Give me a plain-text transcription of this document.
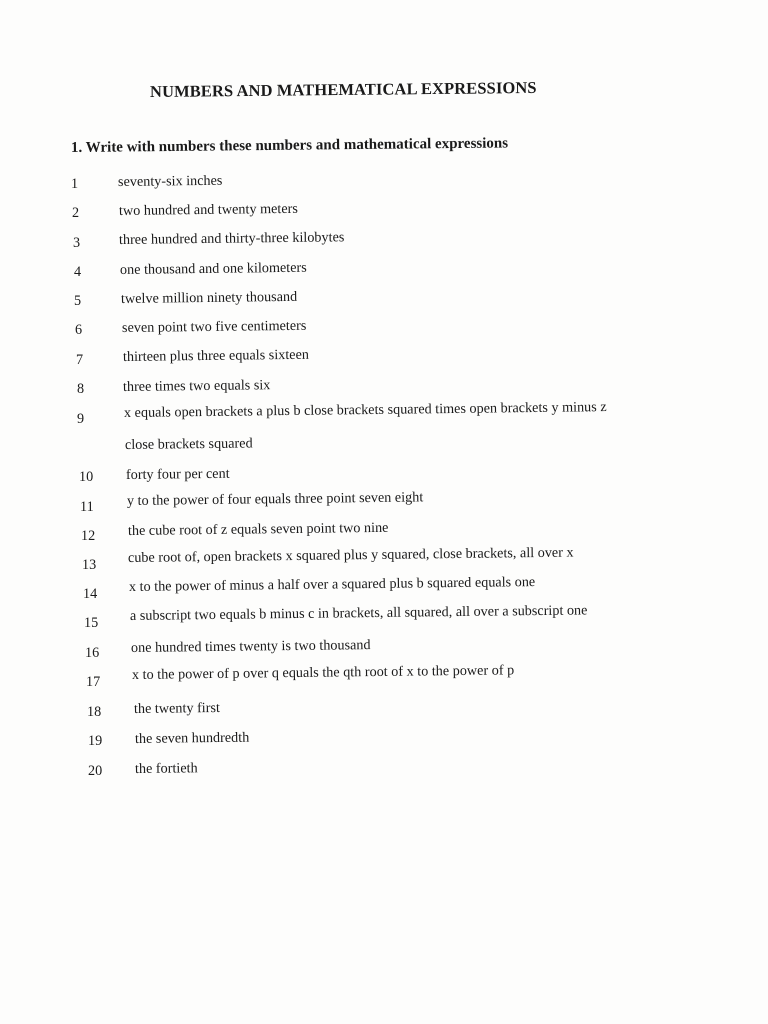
NUMBERS AND MATHEMATICAL EXPRESSIONS
1. Write with numbers these numbers and mathematical expressions
1	seventy-six inches
2	two hundred and twenty meters
3	three hundred and thirty-three kilobytes
4	one thousand and one kilometers
5	twelve million ninety thousand
6	seven point two five centimeters
7	thirteen plus three equals sixteen
8	three times two equals six
9	x equals open brackets a plus b close brackets squared times open brackets y minus z
close brackets squared
10 forty four per cent
11 y to the power of four equals three point seven eight
12 the cube root of z equals seven point two nine
13 cube root of, open brackets x squared plus y squared, close brackets, all over x
14 x to the power of minus a half over a squared plus b squared equals one
15 a subscript two equals b minus c in brackets, all squared, all over a subscript one
16 one hundred times twenty is two thousand
17 x to the power of p over q equals the qth root of x to the power of p
18 the twenty first
19 the seven hundredth
20 the fortieth
